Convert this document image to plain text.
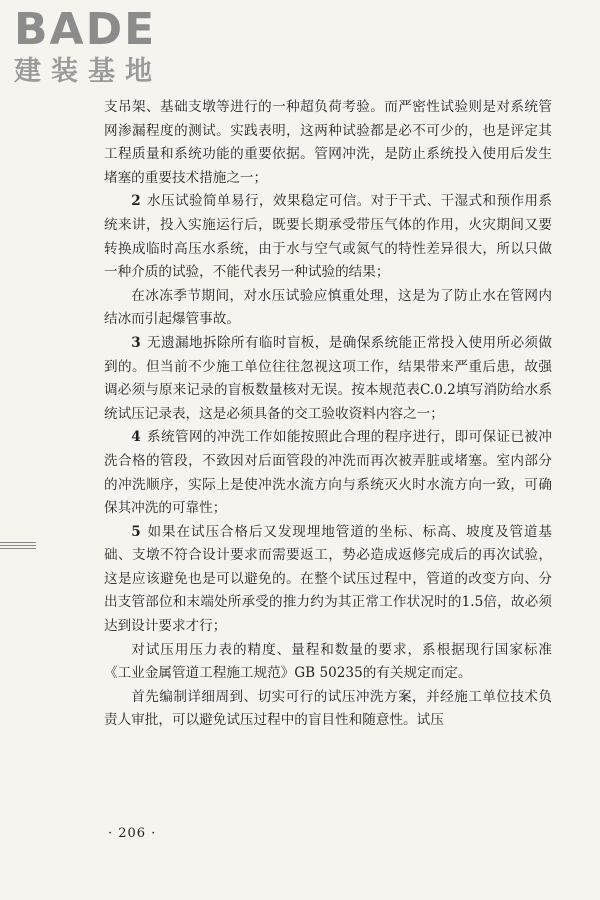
BADE
建装基地

支吊架、基础支墩等进行的一种超负荷考验。而严密性试验则是对系统管网渗漏程度的测试。实践表明，这两种试验都是必不可少的，也是评定其工程质量和系统功能的重要依据。管网冲洗，是防止系统投入使用后发生堵塞的重要技术措施之一；

2 水压试验简单易行，效果稳定可信。对于干式、干湿式和预作用系统来讲，投入实施运行后，既要长期承受带压气体的作用，火灾期间又要转换成临时高压水系统，由于水与空气或氮气的特性差异很大，所以只做一种介质的试验，不能代表另一种试验的结果；

在冰冻季节期间，对水压试验应慎重处理，这是为了防止水在管网内结冰而引起爆管事故。

3 无遗漏地拆除所有临时盲板，是确保系统能正常投入使用所必须做到的。但当前不少施工单位往往忽视这项工作，结果带来严重后患，故强调必须与原来记录的盲板数量核对无误。按本规范表C.0.2填写消防给水系统试压记录表，这是必须具备的交工验收资料内容之一；

4 系统管网的冲洗工作如能按照此合理的程序进行，即可保证已被冲洗合格的管段，不致因对后面管段的冲洗而再次被弄脏或堵塞。室内部分的冲洗顺序，实际上是使冲洗水流方向与系统灭火时水流方向一致，可确保其冲洗的可靠性；

5 如果在试压合格后又发现埋地管道的坐标、标高、坡度及管道基础、支墩不符合设计要求而需要返工，势必造成返修完成后的再次试验，这是应该避免也是可以避免的。在整个试压过程中，管道的改变方向、分出支管部位和末端处所承受的推力约为其正常工作状况时的1.5倍，故必须达到设计要求才行；

对试压用压力表的精度、量程和数量的要求，系根据现行国家标准《工业金属管道工程施工规范》GB 50235的有关规定而定。

首先编制详细周到、切实可行的试压冲洗方案，并经施工单位技术负责人审批，可以避免试压过程中的盲目性和随意性。试压

· 206 ·
